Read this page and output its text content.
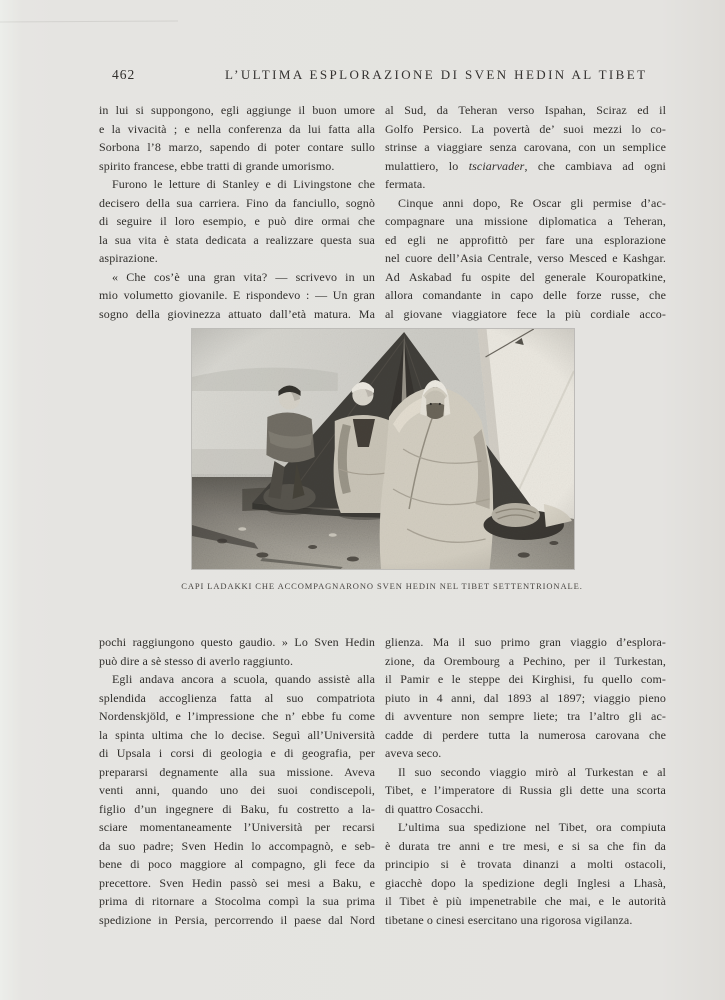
462	L’ULTIMA ESPLORAZIONE DI SVEN HEDIN AL TIBET
in lui si suppongono, egli aggiunge il buon umore
e la vivacità ; e nella conferenza da lui fatta alla
Sorbona l’8 marzo, sapendo di poter contare sullo
spirito francese, ebbe tratti di grande umorismo.
Furono le letture di Stanley e di Livingstone che
decisero della sua carriera. Fino da fanciullo, sognò
di seguire il loro esempio, e può dire ormai che
la sua vita è stata dedicata a realizzare questa sua
aspirazione.
« Che cos’è una gran vita? — scrivevo in un
mio volumetto giovanile. E rispondevo : — Un gran
sogno della giovinezza attuato dall’età matura. Ma
al Sud, da Teheran verso Ispahan, Sciraz ed il
Golfo Persico. La povertà de’ suoi mezzi lo co-
strinse a viaggiare senza carovana, con un semplice
mulattiero, lo tsciarvader, che cambiava ad ogni
fermata.
Cinque anni dopo, Re Oscar gli permise d’ac-
compagnare una missione diplomatica a Teheran,
ed egli ne approfittò per fare una esplorazione
nel cuore dell’Asia Centrale, verso Mesced e Kashgar.
Ad Askabad fu ospite del generale Kouropatkine,
allora comandante in capo delle forze russe, che
al giovane viaggiatore fece la più cordiale acco-
CAPI LADAKKI CHE ACCOMPAGNARONO SVEN HEDIN NEL TIBET SETTENTRIONALE.
pochi raggiungono questo gaudio. » Lo Sven Hedin
può dire a sè stesso di averlo raggiunto.
Egli andava ancora a scuola, quando assistè alla
splendida accoglienza fatta al suo compatriota
Nordenskjöld, e l’impressione che n’ ebbe fu come
la spinta ultima che lo decise. Seguì all’Università
di Upsala i corsi di geologia e di geografia, per
prepararsi degnamente alla sua missione. Aveva
venti anni, quando uno dei suoi condiscepoli,
figlio d’un ingegnere di Baku, fu costretto a la-
sciare momentaneamente l’Università per recarsi
da suo padre; Sven Hedin lo accompagnò, e seb-
bene di poco maggiore al compagno, gli fece da
precettore. Sven Hedin passò sei mesi a Baku, e
prima di ritornare a Stocolma compì la sua prima
spedizione in Persia, percorrendo il paese dal Nord
glienza. Ma il suo primo gran viaggio d’esplora-
zione, da Orembourg a Pechino, per il Turkestan,
il Pamir e le steppe dei Kirghisi, fu quello com-
piuto in 4 anni, dal 1893 al 1897; viaggio pieno
di avventure non sempre liete; tra l’altro gli ac-
cadde di perdere tutta la numerosa carovana che
aveva seco.
Il suo secondo viaggio mirò al Turkestan e al
Tibet, e l’imperatore di Russia gli dette una scorta
di quattro Cosacchi.
L’ultima sua spedizione nel Tibet, ora compiuta
è durata tre anni e tre mesi, e si sa che fin da
principio si è trovata dinanzi a molti ostacoli,
giacchè dopo la spedizione degli Inglesi a Lhasà,
il Tibet è più impenetrabile che mai, e le autorità
tibetane o cinesi esercitano una rigorosa vigilanza.
